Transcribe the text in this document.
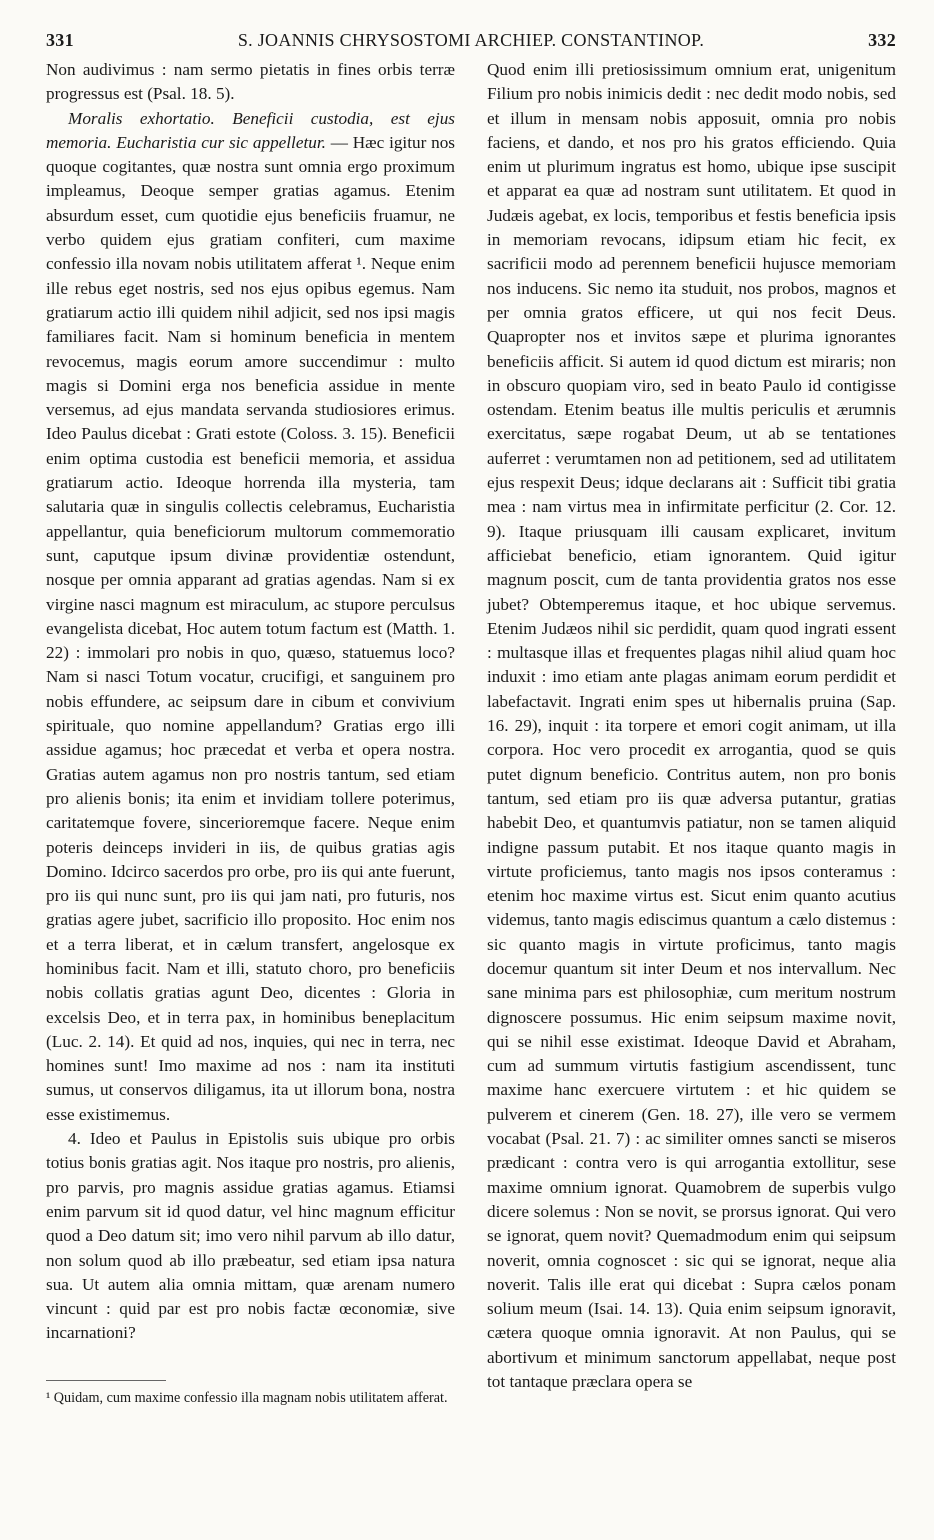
331	S. JOANNIS CHRYSOSTOMI ARCHIEP. CONSTANTINOP.	332

Non audivimus : nam sermo pietatis in fines orbis terræ progressus est (Psal. 18. 5).

Moralis exhortatio. Beneficii custodia, est ejus memoria. Eucharistia cur sic appelletur. — Hæc igitur nos quoque cogitantes, quæ nostra sunt omnia ergo proximum impleamus, Deoque semper gratias agamus. Etenim absurdum esset, cum quotidie ejus beneficiis fruamur, ne verbo quidem ejus gratiam confiteri, cum maxime confessio illa novam nobis utilitatem afferat ¹. Neque enim ille rebus eget nostris, sed nos ejus opibus egemus. Nam gratiarum actio illi quidem nihil adjicit, sed nos ipsi magis familiares facit. Nam si hominum beneficia in mentem revocemus, magis eorum amore succendimur : multo magis si Domini erga nos beneficia assidue in mente versemus, ad ejus mandata servanda studiosiores erimus. Ideo Paulus dicebat : Grati estote (Coloss. 3. 15). Beneficii enim optima custodia est beneficii memoria, et assidua gratiarum actio. Ideoque horrenda illa mysteria, tam salutaria quæ in singulis collectis celebramus, Eucharistia appellantur, quia beneficiorum multorum commemoratio sunt, caputque ipsum divinæ providentiæ ostendunt, nosque per omnia apparant ad gratias agendas. Nam si ex virgine nasci magnum est miraculum, ac stupore perculsus evangelista dicebat, Hoc autem totum factum est (Matth. 1. 22) : immolari pro nobis in quo, quæso, statuemus loco? Nam si nasci Totum vocatur, crucifigi, et sanguinem pro nobis effundere, ac seipsum dare in cibum et convivium spirituale, quo nomine appellandum? Gratias ergo illi assidue agamus; hoc præcedat et verba et opera nostra. Gratias autem agamus non pro nostris tantum, sed etiam pro alienis bonis; ita enim et invidiam tollere poterimus, caritatemque fovere, sincerioremque facere. Neque enim poteris deinceps invideri in iis, de quibus gratias agis Domino. Idcirco sacerdos pro orbe, pro iis qui ante fuerunt, pro iis qui nunc sunt, pro iis qui jam nati, pro futuris, nos gratias agere jubet, sacrificio illo proposito. Hoc enim nos et a terra liberat, et in cælum transfert, angelosque ex hominibus facit. Nam et illi, statuto choro, pro beneficiis nobis collatis gratias agunt Deo, dicentes : Gloria in excelsis Deo, et in terra pax, in hominibus beneplacitum (Luc. 2. 14). Et quid ad nos, inquies, qui nec in terra, nec homines sunt! Imo maxime ad nos : nam ita instituti sumus, ut conservos diligamus, ita ut illorum bona, nostra esse existimemus.

4. Ideo et Paulus in Epistolis suis ubique pro orbis totius bonis gratias agit. Nos itaque pro nostris, pro alienis, pro parvis, pro magnis assidue gratias agamus. Etiamsi enim parvum sit id quod datur, vel hinc magnum efficitur quod a Deo datum sit; imo vero nihil parvum ab illo datur, non solum quod ab illo præbeatur, sed etiam ipsa natura sua. Ut autem alia omnia mittam, quæ arenam numero vincunt : quid par est pro nobis factæ œconomiæ, sive incarnationi?

¹ Quidam, cum maxime confessio illa magnam nobis utilitatem afferat.

Quod enim illi pretiosissimum omnium erat, unigenitum Filium pro nobis inimicis dedit : nec dedit modo nobis, sed et illum in mensam nobis apposuit, omnia pro nobis faciens, et dando, et nos pro his gratos efficiendo. Quia enim ut plurimum ingratus est homo, ubique ipse suscipit et apparat ea quæ ad nostram sunt utilitatem. Et quod in Judæis agebat, ex locis, temporibus et festis beneficia ipsis in memoriam revocans, idipsum etiam hic fecit, ex sacrificii modo ad perennem beneficii hujusce memoriam nos inducens. Sic nemo ita studuit, nos probos, magnos et per omnia gratos efficere, ut qui nos fecit Deus. Quapropter nos et invitos sæpe et plurima ignorantes beneficiis afficit. Si autem id quod dictum est miraris; non in obscuro quopiam viro, sed in beato Paulo id contigisse ostendam. Etenim beatus ille multis periculis et ærumnis exercitatus, sæpe rogabat Deum, ut ab se tentationes auferret : verumtamen non ad petitionem, sed ad utilitatem ejus respexit Deus; idque declarans ait : Sufficit tibi gratia mea : nam virtus mea in infirmitate perficitur (2. Cor. 12. 9). Itaque priusquam illi causam explicaret, invitum afficiebat beneficio, etiam ignorantem. Quid igitur magnum poscit, cum de tanta providentia gratos nos esse jubet? Obtemperemus itaque, et hoc ubique servemus. Etenim Judæos nihil sic perdidit, quam quod ingrati essent : multasque illas et frequentes plagas nihil aliud quam hoc induxit : imo etiam ante plagas animam eorum perdidit et labefactavit. Ingrati enim spes ut hibernalis pruina (Sap. 16. 29), inquit : ita torpere et emori cogit animam, ut illa corpora. Hoc vero procedit ex arrogantia, quod se quis putet dignum beneficio. Contritus autem, non pro bonis tantum, sed etiam pro iis quæ adversa putantur, gratias habebit Deo, et quantumvis patiatur, non se tamen aliquid indigne passum putabit. Et nos itaque quanto magis in virtute proficiemus, tanto magis nos ipsos conteramus : etenim hoc maxime virtus est. Sicut enim quanto acutius videmus, tanto magis ediscimus quantum a cælo distemus : sic quanto magis in virtute proficimus, tanto magis docemur quantum sit inter Deum et nos intervallum. Nec sane minima pars est philosophiæ, cum meritum nostrum dignoscere possumus. Hic enim seipsum maxime novit, qui se nihil esse existimat. Ideoque David et Abraham, cum ad summum virtutis fastigium ascendissent, tunc maxime hanc exercuere virtutem : et hic quidem se pulverem et cinerem (Gen. 18. 27), ille vero se vermem vocabat (Psal. 21. 7) : ac similiter omnes sancti se miseros prædicant : contra vero is qui arrogantia extollitur, sese maxime omnium ignorat. Quamobrem de superbis vulgo dicere solemus : Non se novit, se prorsus ignorat. Qui vero se ignorat, quem novit? Quemadmodum enim qui seipsum noverit, omnia cognoscet : sic qui se ignorat, neque alia noverit. Talis ille erat qui dicebat : Supra cælos ponam solium meum (Isai. 14. 13). Quia enim seipsum ignoravit, cætera quoque omnia ignoravit. At non Paulus, qui se abortivum et minimum sanctorum appellabat, neque post tot tantaque præclara opera se
